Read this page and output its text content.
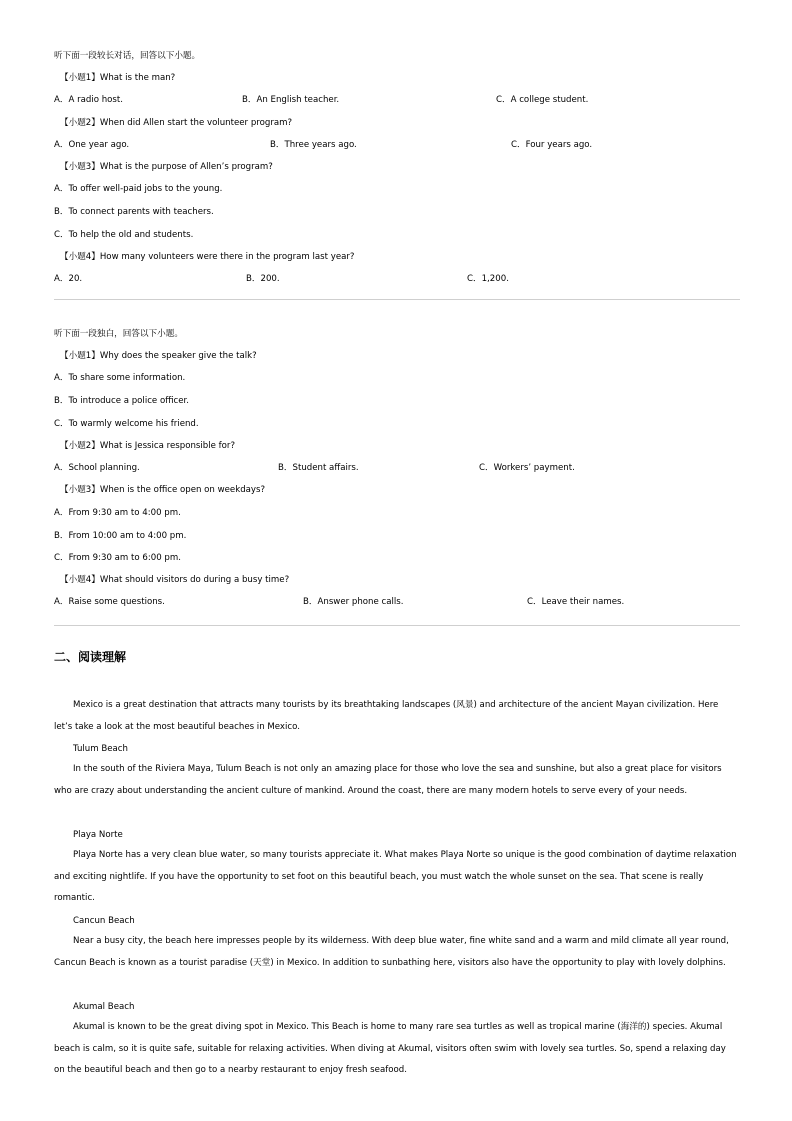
听下面一段较长对话，回答以下小题。
【小题1】What is the man?
A．A radio host.	B．An English teacher.	C．A college student.
【小题2】When did Allen start the volunteer program?
A．One year ago.	B．Three years ago.	C．Four years ago.
【小题3】What is the purpose of Allen’s program?
A．To offer well-paid jobs to the young.
B．To connect parents with teachers.
C．To help the old and students.
【小题4】How many volunteers were there in the program last year?
A．20.	B．200.	C．1,200.
听下面一段独白，回答以下小题。
【小题1】Why does the speaker give the talk?
A．To share some information.
B．To introduce a police officer.
C．To warmly welcome his friend.
【小题2】What is Jessica responsible for?
A．School planning.	B．Student affairs.	C．Workers’ payment.
【小题3】When is the office open on weekdays?
A．From 9:30 am to 4:00 pm.
B．From 10:00 am to 4:00 pm.
C．From 9:30 am to 6:00 pm.
【小题4】What should visitors do during a busy time?
A．Raise some questions.	B．Answer phone calls.	C．Leave their names.
二、阅读理解
Mexico is a great destination that attracts many tourists by its breathtaking landscapes (风景) and architecture of the ancient Mayan civilization. Here let’s take a look at the most beautiful beaches in Mexico.
Tulum Beach
In the south of the Riviera Maya, Tulum Beach is not only an amazing place for those who love the sea and sunshine, but also a great place for visitors who are crazy about understanding the ancient culture of mankind. Around the coast, there are many modern hotels to serve every of your needs.
Playa Norte
Playa Norte has a very clean blue water, so many tourists appreciate it. What makes Playa Norte so unique is the good combination of daytime relaxation and exciting nightlife. If you have the opportunity to set foot on this beautiful beach, you must watch the whole sunset on the sea. That scene is really romantic.
Cancun Beach
Near a busy city, the beach here impresses people by its wilderness. With deep blue water, fine white sand and a warm and mild climate all year round, Cancun Beach is known as a tourist paradise (天堂) in Mexico. In addition to sunbathing here, visitors also have the opportunity to play with lovely dolphins.
Akumal Beach
Akumal is known to be the great diving spot in Mexico. This Beach is home to many rare sea turtles as well as tropical marine (海洋的) species. Akumal beach is calm, so it is quite safe, suitable for relaxing activities. When diving at Akumal, visitors often swim with lovely sea turtles. So, spend a relaxing day on the beautiful beach and then go to a nearby restaurant to enjoy fresh seafood.
